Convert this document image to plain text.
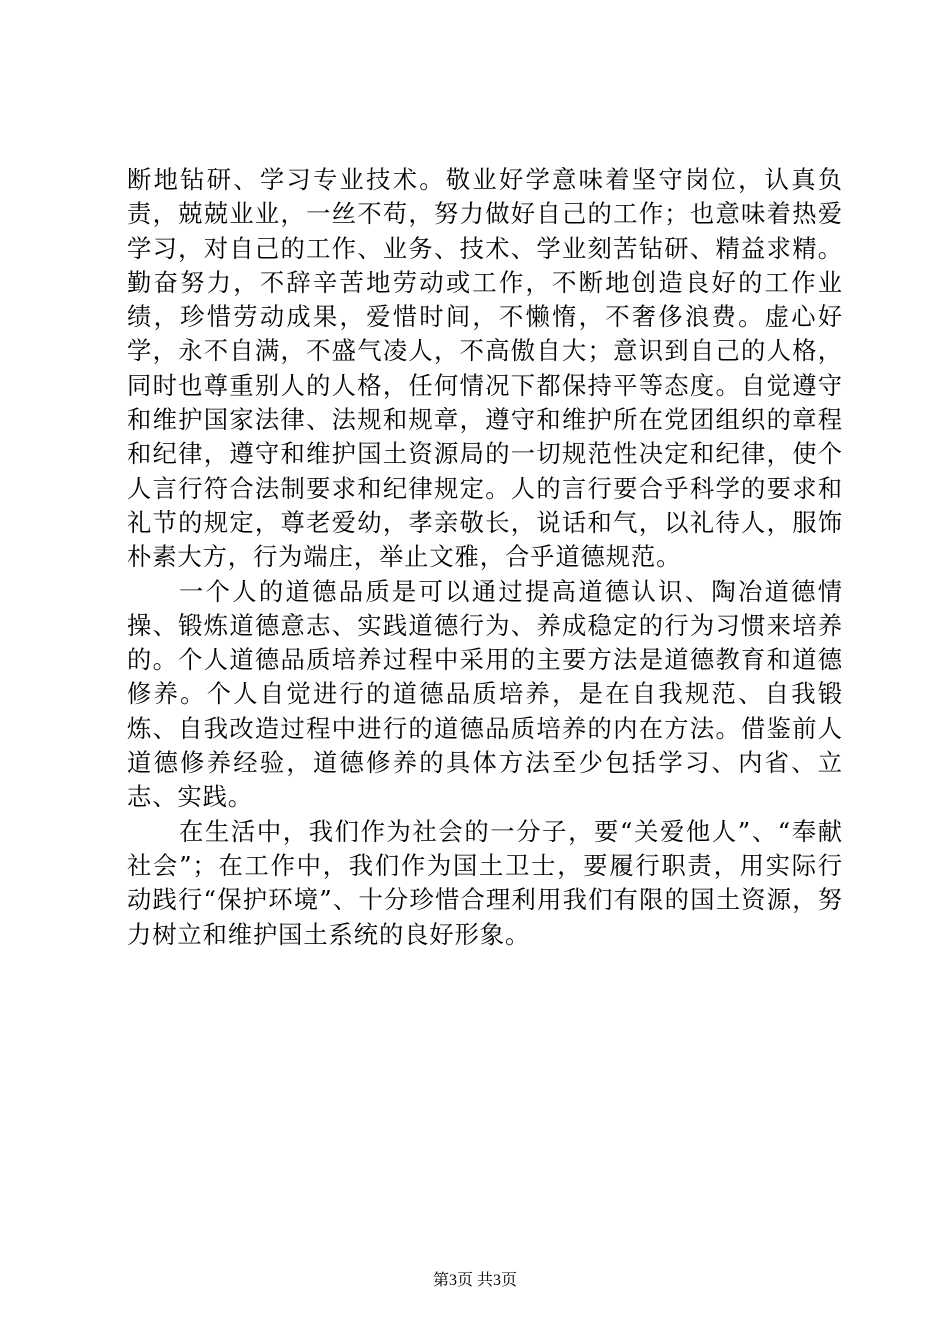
断地钻研、学习专业技术。敬业好学意味着坚守岗位，认真负责，兢兢业业，一丝不苟，努力做好自己的工作；也意味着热爱学习，对自己的工作、业务、技术、学业刻苦钻研、精益求精。勤奋努力，不辞辛苦地劳动或工作，不断地创造良好的工作业绩，珍惜劳动成果，爱惜时间，不懒惰，不奢侈浪费。虚心好学，永不自满，不盛气凌人，不高傲自大；意识到自己的人格，同时也尊重别人的人格，任何情况下都保持平等态度。自觉遵守和维护国家法律、法规和规章，遵守和维护所在党团组织的章程和纪律，遵守和维护国土资源局的一切规范性决定和纪律，使个人言行符合法制要求和纪律规定。人的言行要合乎科学的要求和礼节的规定，尊老爱幼，孝亲敬长，说话和气，以礼待人，服饰朴素大方，行为端庄，举止文雅，合乎道德规范。

一个人的道德品质是可以通过提高道德认识、陶冶道德情操、锻炼道德意志、实践道德行为、养成稳定的行为习惯来培养的。个人道德品质培养过程中采用的主要方法是道德教育和道德修养。个人自觉进行的道德品质培养，是在自我规范、自我锻炼、自我改造过程中进行的道德品质培养的内在方法。借鉴前人道德修养经验，道德修养的具体方法至少包括学习、内省、立志、实践。

在生活中，我们作为社会的一分子，要“关爱他人”、“奉献社会”；在工作中，我们作为国土卫士，要履行职责，用实际行动践行“保护环境”、十分珍惜合理利用我们有限的国土资源，努力树立和维护国土系统的良好形象。

第3页 共3页
